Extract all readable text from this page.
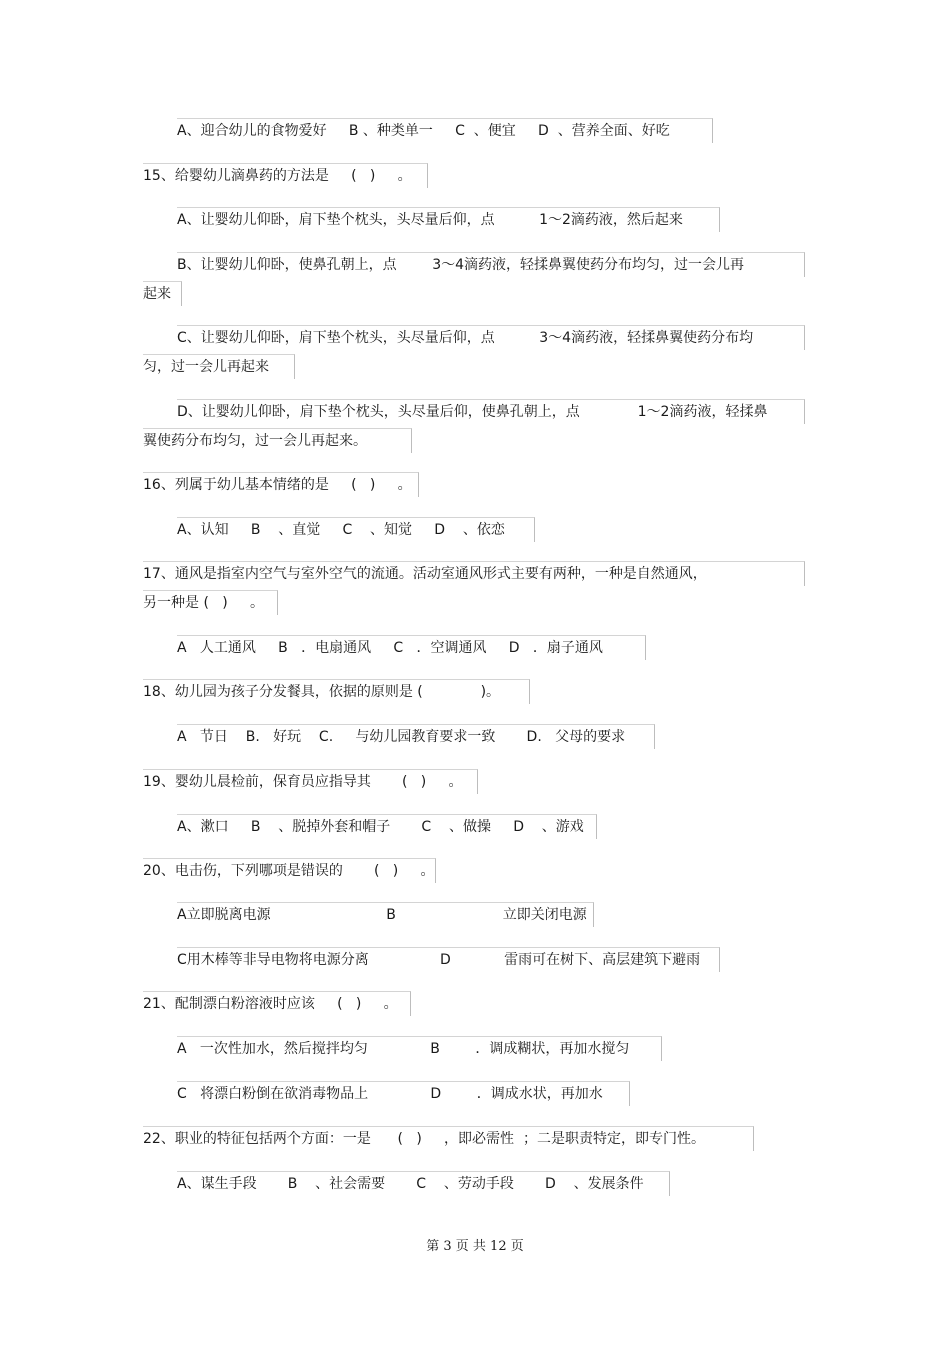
A、迎合幼儿的食物爱好     B 、种类单一     C  、便宜     D  、营养全面、好吃
15、给婴幼儿滴鼻药的方法是     (   )     。
A、让婴幼儿仰卧，肩下垫个枕头，头尽量后仰，点          1～2滴药液，然后起来
B、让婴幼儿仰卧，使鼻孔朝上，点        3～4滴药液，轻揉鼻翼使药分布均匀，过一会儿再
起来
C、让婴幼儿仰卧，肩下垫个枕头，头尽量后仰，点          3～4滴药液，轻揉鼻翼使药分布均
匀，过一会儿再起来
D、让婴幼儿仰卧，肩下垫个枕头，头尽量后仰，使鼻孔朝上，点             1～2滴药液，轻揉鼻
翼使药分布均匀，过一会儿再起来。
16、列属于幼儿基本情绪的是     (   )     。
A、认知     B    、直觉     C    、知觉     D    、依恋
17、通风是指室内空气与室外空气的流通。活动室通风形式主要有两种，一种是自然通风，
另一种是 (   )     。
A   人工通风     B   ．电扇通风     C   ．空调通风     D   ．扇子通风
18、幼儿园为孩子分发餐具，依据的原则是 (             )。
A   节日    B.   好玩    C.     与幼儿园教育要求一致       D.   父母的要求
19、婴幼儿晨检前，保育员应指导其       (   )     。
A、漱口     B    、脱掉外套和帽子       C    、做操     D    、游戏
20、电击伤，下列哪项是错误的       (   )     。
A立即脱离电源                          B                        立即关闭电源
C用木棒等非导电物将电源分离                D            雷雨可在树下、高层建筑下避雨
21、配制漂白粉溶液时应该     (   )     。
A   一次性加水，然后搅拌均匀              B        ．调成糊状，再加水搅匀
C   将漂白粉倒在欲消毒物品上              D        ．调成水状，再加水
22、职业的特征包括两个方面：一是      (   )     ，即必需性  ；二是职责特定，即专门性。
A、谋生手段       B    、社会需要       C    、劳动手段       D    、发展条件
第 3 页 共 12 页
